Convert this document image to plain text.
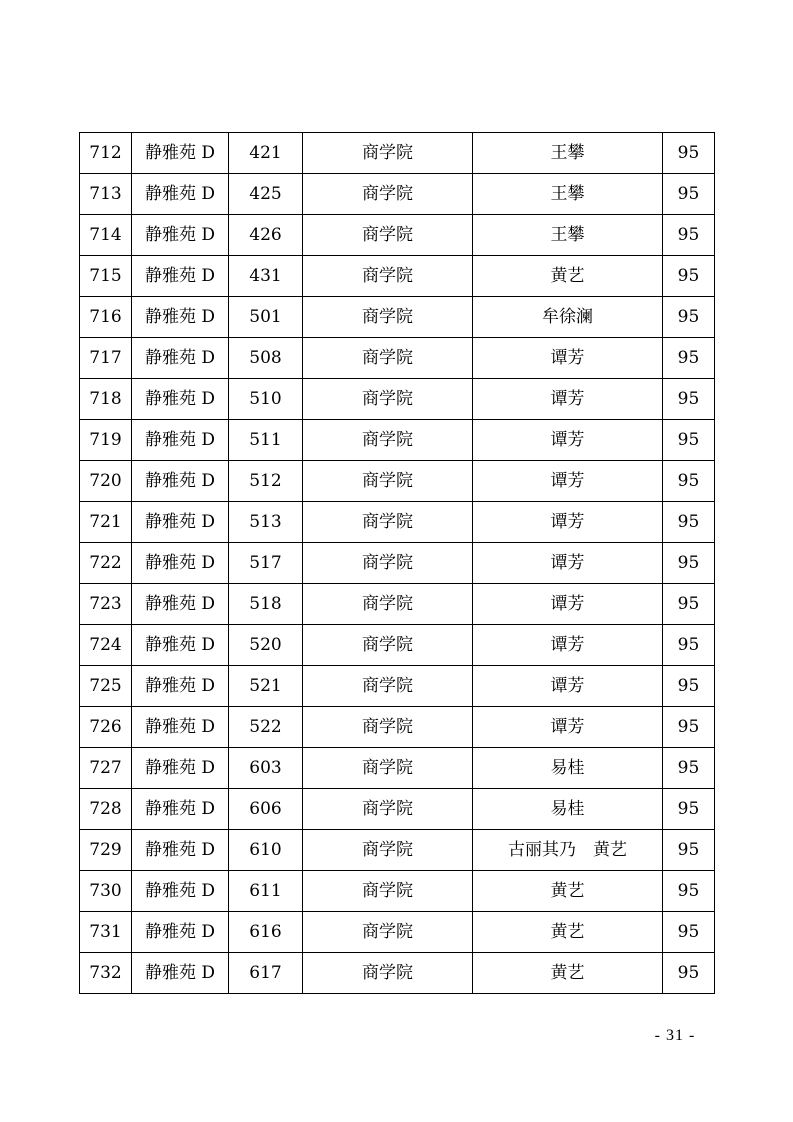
712	静雅苑 D	421	商学院	王攀	95
713	静雅苑 D	425	商学院	王攀	95
714	静雅苑 D	426	商学院	王攀	95
715	静雅苑 D	431	商学院	黄艺	95
716	静雅苑 D	501	商学院	牟徐澜	95
717	静雅苑 D	508	商学院	谭芳	95
718	静雅苑 D	510	商学院	谭芳	95
719	静雅苑 D	511	商学院	谭芳	95
720	静雅苑 D	512	商学院	谭芳	95
721	静雅苑 D	513	商学院	谭芳	95
722	静雅苑 D	517	商学院	谭芳	95
723	静雅苑 D	518	商学院	谭芳	95
724	静雅苑 D	520	商学院	谭芳	95
725	静雅苑 D	521	商学院	谭芳	95
726	静雅苑 D	522	商学院	谭芳	95
727	静雅苑 D	603	商学院	易桂	95
728	静雅苑 D	606	商学院	易桂	95
729	静雅苑 D	610	商学院	古丽其乃　黄艺	95
730	静雅苑 D	611	商学院	黄艺	95
731	静雅苑 D	616	商学院	黄艺	95
732	静雅苑 D	617	商学院	黄艺	95
- 31 -
